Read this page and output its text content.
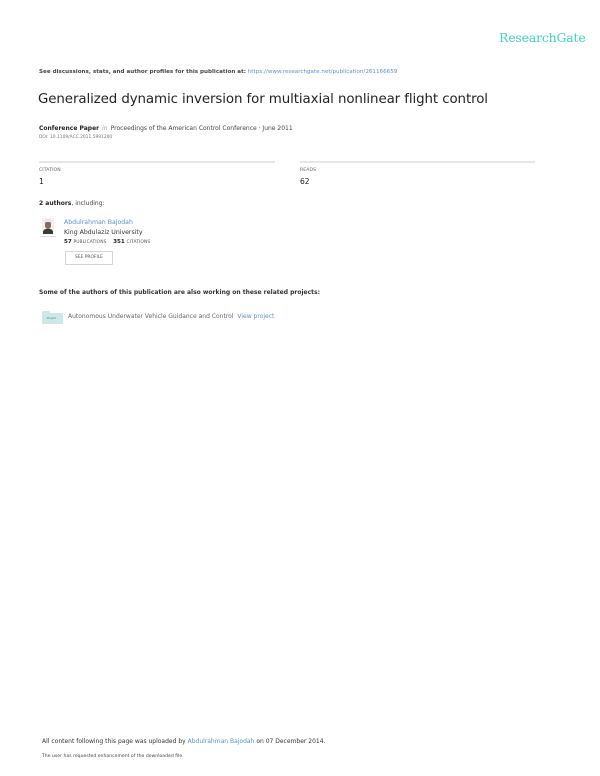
ResearchGate
See discussions, stats, and author profiles for this publication at: https://www.researchgate.net/publication/261166659
Generalized dynamic inversion for multiaxial nonlinear flight control
Conference Paper in Proceedings of the American Control Conference · June 2011
DOI: 10.1109/ACC.2011.5991200
CITATION
1
READS
62
2 authors, including:
Abdulrahman Bajodah
King Abdulaziz University
57 PUBLICATIONS 351 CITATIONS
SEE PROFILE
Some of the authors of this publication are also working on these related projects:
Project Autonomous Underwater Vehicle Guidance and Control View project
All content following this page was uploaded by Abdulrahman Bajodah on 07 December 2014.
The user has requested enhancement of the downloaded file.
